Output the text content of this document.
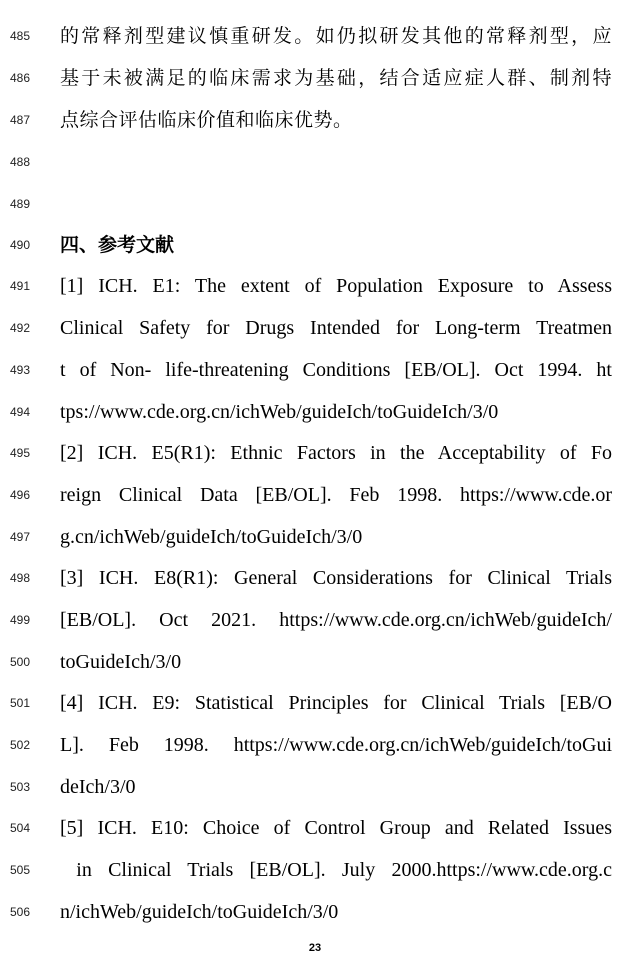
485	的常释剂型建议慎重研发。如仍拟研发其他的常释剂型，应
486	基于未被满足的临床需求为基础，结合适应症人群、制剂特
487	点综合评估临床价值和临床优势。
488
489
490	四、参考文献
491	[1] ICH. E1: The extent of Population Exposure to Assess
492	Clinical Safety for Drugs Intended for Long-term Treatmen
493	t of Non- life-threatening Conditions [EB/OL]. Oct 1994. ht
494	tps://www.cde.org.cn/ichWeb/guideIch/toGuideIch/3/0
495	[2] ICH. E5(R1): Ethnic Factors in the Acceptability of Fo
496	reign Clinical Data [EB/OL]. Feb 1998. https://www.cde.or
497	g.cn/ichWeb/guideIch/toGuideIch/3/0
498	[3] ICH. E8(R1): General Considerations for Clinical Trials
499	[EB/OL]. Oct 2021. https://www.cde.org.cn/ichWeb/guideIch/
500	toGuideIch/3/0
501	[4] ICH. E9: Statistical Principles for Clinical Trials [EB/O
502	L]. Feb 1998. https://www.cde.org.cn/ichWeb/guideIch/toGui
503	deIch/3/0
504	[5] ICH. E10: Choice of Control Group and Related Issues
505	in Clinical Trials [EB/OL]. July 2000.https://www.cde.org.c
506	n/ichWeb/guideIch/toGuideIch/3/0
23
